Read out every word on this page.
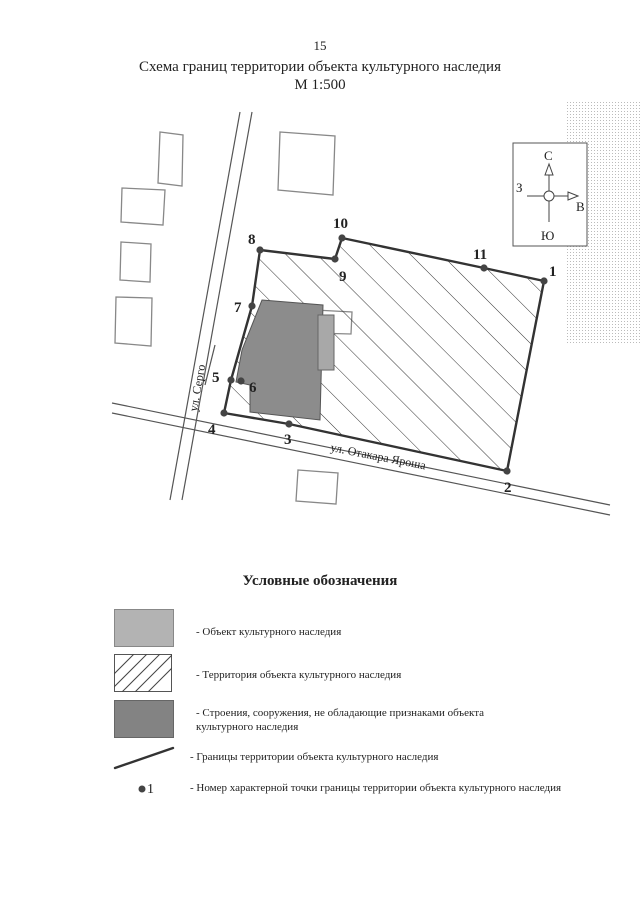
15
Схема границ территории объекта культурного наследия
М 1:500
1
2
3
4
5
6
7
8
9
10
11
ул. Серго
ул. Отакара Яроша
С
Ю
З
В
Условные обозначения
1
- Объект культурного наследия
- Территория объекта культурного наследия
- Строения, сооружения, не обладающие признаками объекта культурного наследия
- Границы территории объекта культурного наследия
- Номер характерной точки границы территории объекта культурного наследия
